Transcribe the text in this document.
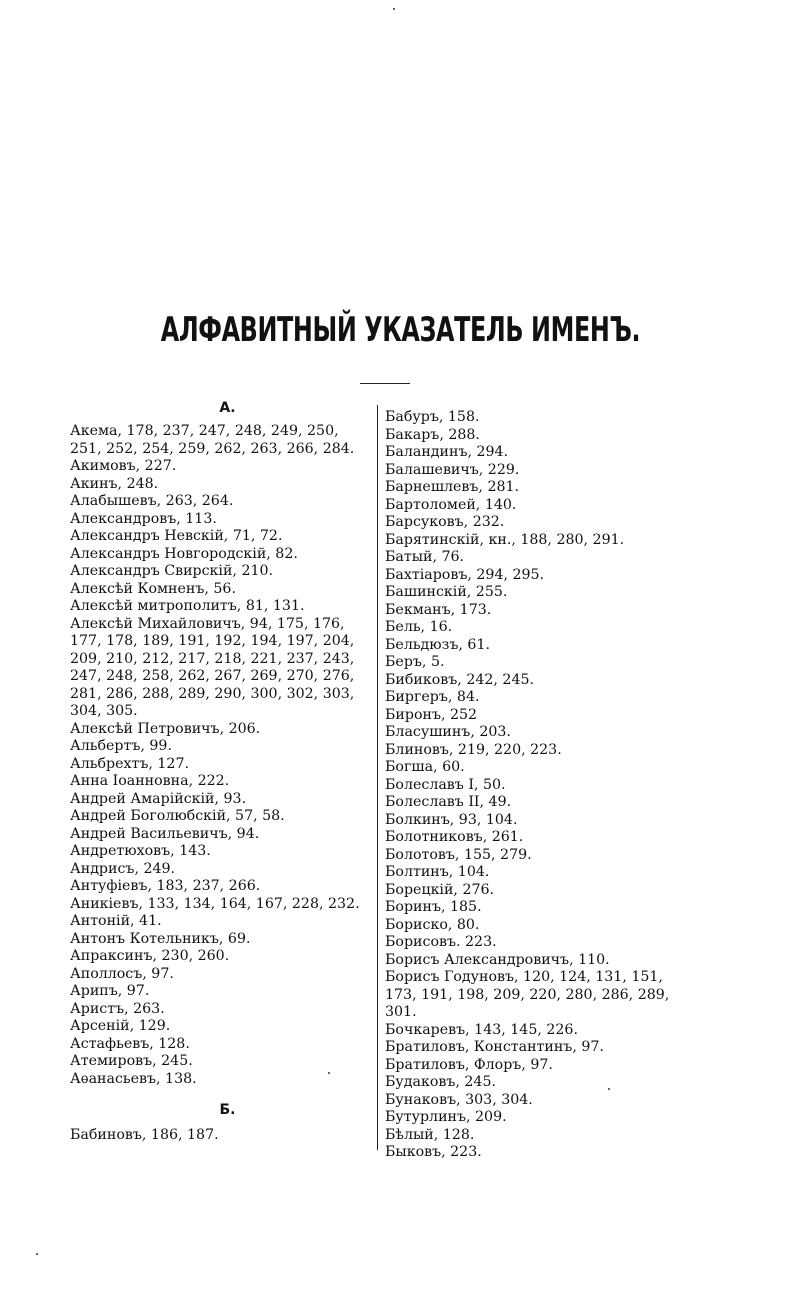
АЛФАВИТНЫЙ УКАЗАТЕЛЬ ИМЕНЪ.
А.
Акема, 178, 237, 247, 248, 249, 250,
251, 252, 254, 259, 262, 263, 266, 284.
Акимовъ, 227.
Акинъ, 248.
Алабышевъ, 263, 264.
Александровъ, 113.
Александръ Невскій, 71, 72.
Александръ Новгородскій, 82.
Александръ Свирскій, 210.
Алексѣй Комненъ, 56.
Алексѣй митрополитъ, 81, 131.
Алексѣй Михайловичъ, 94, 175, 176,
177, 178, 189, 191, 192, 194, 197, 204,
209, 210, 212, 217, 218, 221, 237, 243,
247, 248, 258, 262, 267, 269, 270, 276,
281, 286, 288, 289, 290, 300, 302, 303,
304, 305.
Алексѣй Петровичъ, 206.
Альбертъ, 99.
Альбрехтъ, 127.
Анна Іоанновна, 222.
Андрей Амарійскій, 93.
Андрей Боголюбскій, 57, 58.
Андрей Васильевичъ, 94.
Андретюховъ, 143.
Андрисъ, 249.
Антуфіевъ, 183, 237, 266.
Аникіевъ, 133, 134, 164, 167, 228, 232.
Антоній, 41.
Антонъ Котельникъ, 69.
Апраксинъ, 230, 260.
Аполлосъ, 97.
Арипъ, 97.
Аристъ, 263.
Арсеній, 129.
Астафьевъ, 128.
Атемировъ, 245.
Аѳанасьевъ, 138.
Б.
Бабиновъ, 186, 187.
Бабуръ, 158.
Бакаръ, 288.
Баландинъ, 294.
Балашевичъ, 229.
Барнешлевъ, 281.
Бартоломей, 140.
Барсуковъ, 232.
Барятинскій, кн., 188, 280, 291.
Батый, 76.
Бахтіаровъ, 294, 295.
Башинскій, 255.
Бекманъ, 173.
Бель, 16.
Бельдюзъ, 61.
Беръ, 5.
Бибиковъ, 242, 245.
Биргеръ, 84.
Биронъ, 252
Бласушинъ, 203.
Блиновъ, 219, 220, 223.
Богша, 60.
Болеславъ I, 50.
Болеславъ II, 49.
Болкинъ, 93, 104.
Болотниковъ, 261.
Болотовъ, 155, 279.
Болтинъ, 104.
Борецкій, 276.
Боринъ, 185.
Бориско, 80.
Борисовъ. 223.
Борисъ Александровичъ, 110.
Борисъ Годуновъ, 120, 124, 131, 151,
173, 191, 198, 209, 220, 280, 286, 289,
301.
Бочкаревъ, 143, 145, 226.
Братиловъ, Константинъ, 97.
Братиловъ, Флоръ, 97.
Будаковъ, 245.
Бунаковъ, 303, 304.
Бутурлинъ, 209.
Бѣлый, 128.
Быковъ, 223.
